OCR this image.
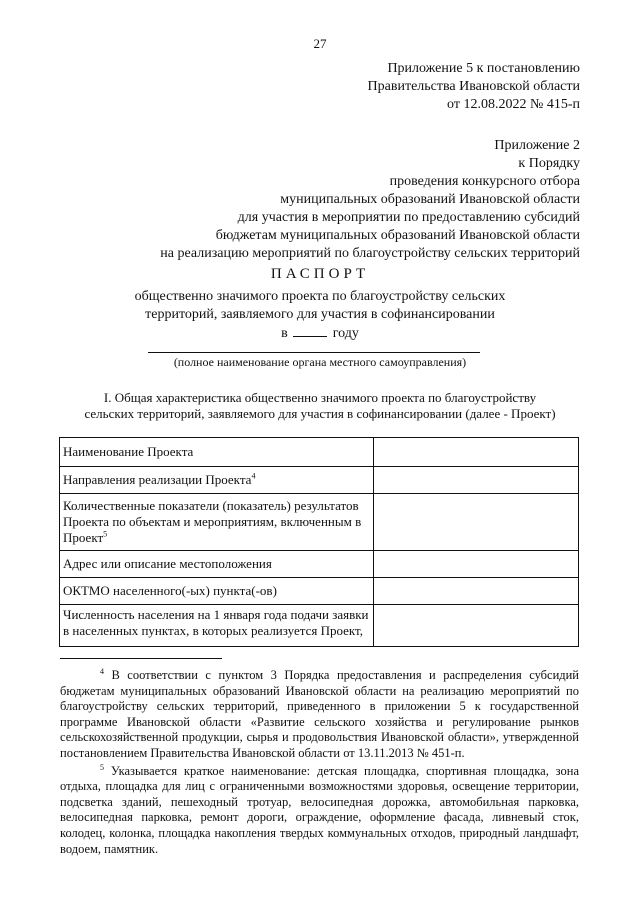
27
Приложение 5 к постановлению
Правительства Ивановской области
от 12.08.2022 № 415-п
Приложение 2
к Порядку
проведения конкурсного отбора
муниципальных образований Ивановской области
для участия в мероприятии по предоставлению субсидий
бюджетам муниципальных образований Ивановской области
на реализацию мероприятий по благоустройству сельских территорий
ПАСПОРТ
общественно значимого проекта по благоустройству сельских
территорий, заявляемого для участия в софинансировании
в	году
(полное наименование органа местного самоуправления)
I. Общая характеристика общественно значимого проекта по благоустройству
сельских территорий, заявляемого для участия в софинансировании (далее - Проект)
Наименование Проекта	
Направления реализации Проекта$^4$	
Количественные показатели (показатель) результатов Проекта по объектам и мероприятиям, включенным в Проект$^5$	
Адрес или описание местоположения	
ОКТМО населенного(-ых) пункта(-ов)	
Численность населения на 1 января года подачи заявки в населенных пунктах, в которых реализуется Проект,	

$^4$ В соответствии с пунктом 3 Порядка предоставления и распределения субсидий бюджетам муниципальных образований Ивановской области на реализацию мероприятий по благоустройству сельских территорий, приведенного в приложении 5 к государственной программе Ивановской области «Развитие сельского хозяйства и регулирование рынков сельскохозяйственной продукции, сырья и продовольствия Ивановской области», утвержденной постановлением Правительства Ивановской области от 13.11.2013 № 451-п.

$^5$ Указывается краткое наименование: детская площадка, спортивная площадка, зона отдыха, площадка для лиц с ограниченными возможностями здоровья, освещение территории, подсветка зданий, пешеходный тротуар, велосипедная дорожка, автомобильная парковка, велосипедная парковка, ремонт дороги, ограждение, оформление фасада, ливневый сток, колодец, колонка, площадка накопления твердых коммунальных отходов, природный ландшафт, водоем, памятник.
